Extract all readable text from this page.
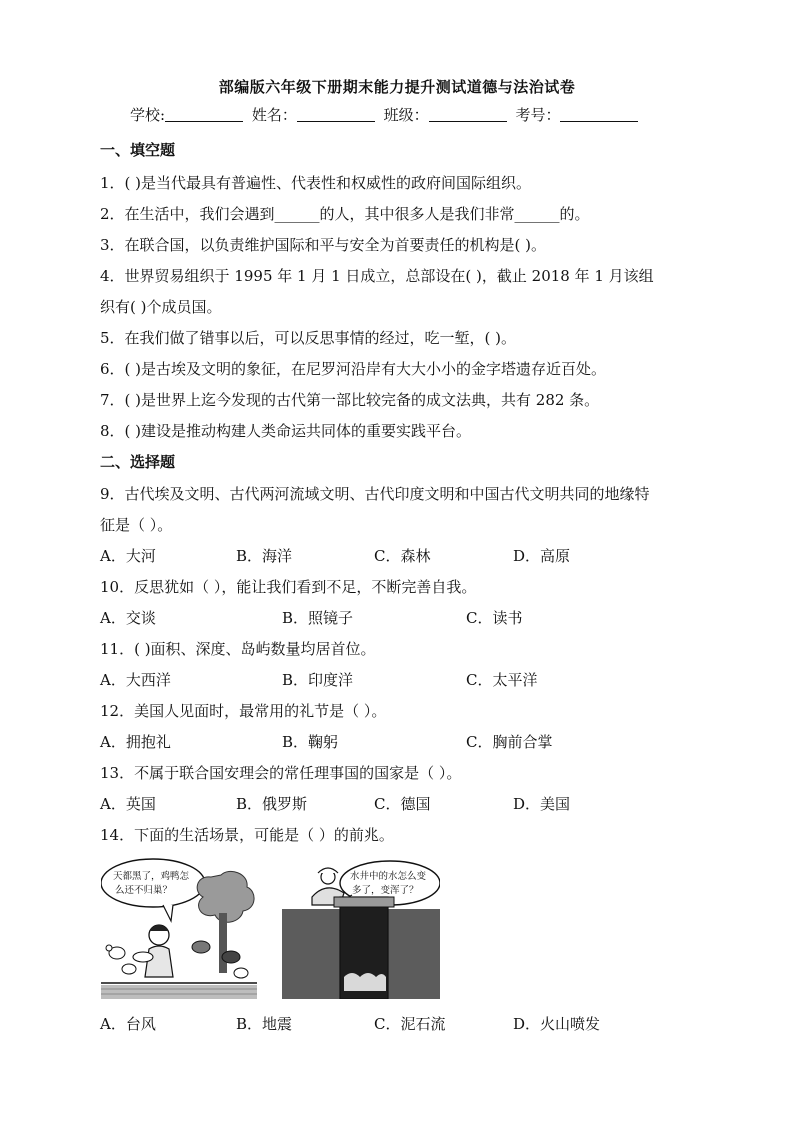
部编版六年级下册期末能力提升测试道德与法治试卷
学校:	姓名：	班级：	考号：
一、填空题
1．( )是当代最具有普遍性、代表性和权威性的政府间国际组织。
2．在生活中，我们会遇到______的人，其中很多人是我们非常______的。
3．在联合国，以负责维护国际和平与安全为首要责任的机构是( )。
4．世界贸易组织于 1995 年 1 月 1 日成立，总部设在( )，截止 2018 年 1 月该组
织有( )个成员国。
5．在我们做了错事以后，可以反思事情的经过，吃一堑，( )。
6．( )是古埃及文明的象征，在尼罗河沿岸有大大小小的金字塔遗存近百处。
7．( )是世界上迄今发现的古代第一部比较完备的成文法典，共有 282 条。
8．( )建设是推动构建人类命运共同体的重要实践平台。
二、选择题
9．古代埃及文明、古代两河流域文明、古代印度文明和中国古代文明共同的地缘特
征是（ ）。
A．大河	B．海洋	C．森林	D．高原
10．反思犹如（ ），能让我们看到不足，不断完善自我。
A．交谈	B．照镜子	C．读书
11．( )面积、深度、岛屿数量均居首位。
A．大西洋	B．印度洋	C．太平洋
12．美国人见面时，最常用的礼节是（ ）。
A．拥抱礼	B．鞠躬	C．胸前合掌
13．不属于联合国安理会的常任理事国的国家是（ ）。
A．英国	B．俄罗斯	C．德国	D．美国
14．下面的生活场景，可能是（ ）的前兆。
天都黑了，鸡鸭怎
么还不归巢？
水井中的水怎么变
多了，变浑了？
A．台风	B．地震	C．泥石流	D．火山喷发
